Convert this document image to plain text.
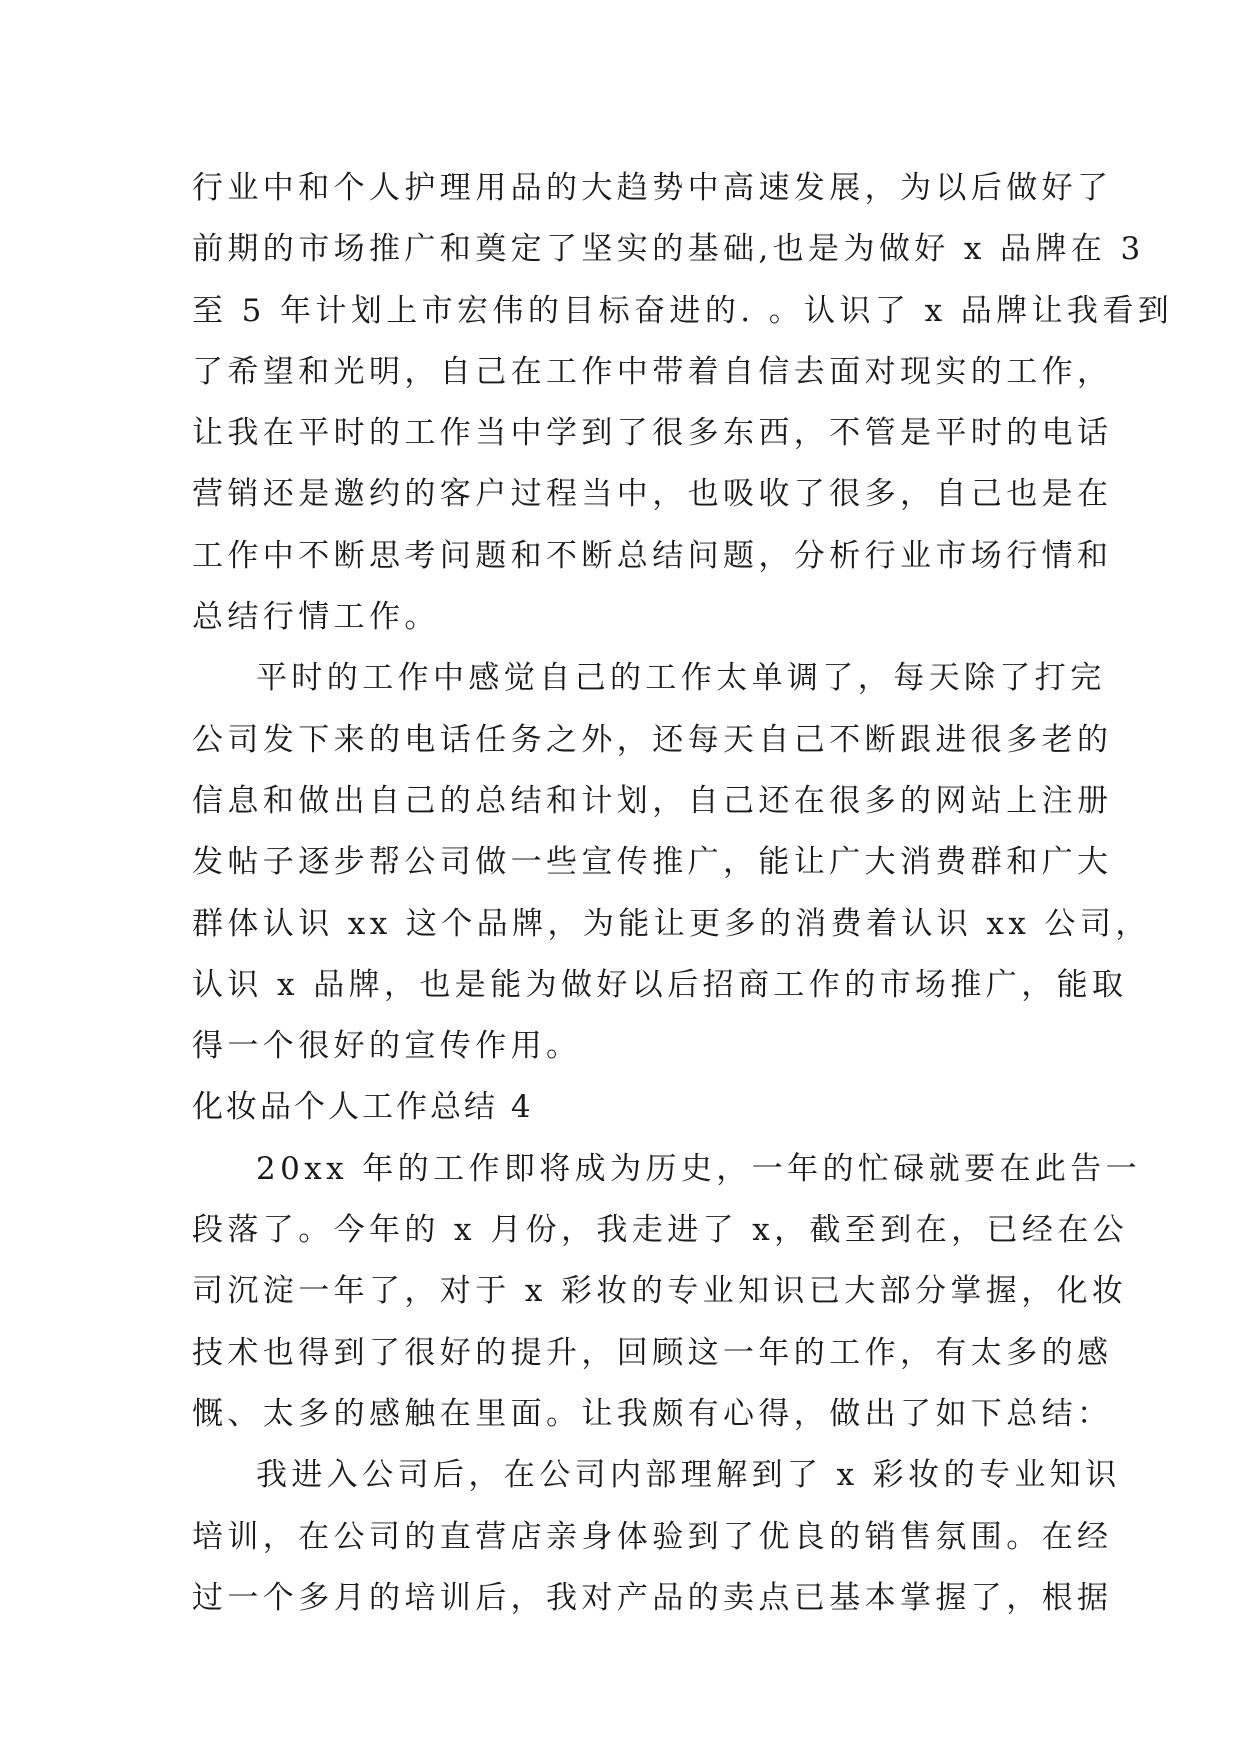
行业中和个人护理用品的大趋势中高速发展，为以后做好了
前期的市场推广和奠定了坚实的基础,也是为做好 x 品牌在 3
至 5 年计划上市宏伟的目标奋进的. 。认识了 x 品牌让我看到
了希望和光明，自己在工作中带着自信去面对现实的工作，
让我在平时的工作当中学到了很多东西，不管是平时的电话
营销还是邀约的客户过程当中，也吸收了很多，自己也是在
工作中不断思考问题和不断总结问题，分析行业市场行情和
总结行情工作。
平时的工作中感觉自己的工作太单调了，每天除了打完
公司发下来的电话任务之外，还每天自己不断跟进很多老的
信息和做出自己的总结和计划，自己还在很多的网站上注册
发帖子逐步帮公司做一些宣传推广，能让广大消费群和广大
群体认识 xx 这个品牌，为能让更多的消费着认识 xx 公司，
认识 x 品牌，也是能为做好以后招商工作的市场推广，能取
得一个很好的宣传作用。
化妆品个人工作总结 4
20xx 年的工作即将成为历史，一年的忙碌就要在此告一
段落了。今年的 x 月份，我走进了 x，截至到在，已经在公
司沉淀一年了，对于 x 彩妆的专业知识已大部分掌握，化妆
技术也得到了很好的提升，回顾这一年的工作，有太多的感
慨、太多的感触在里面。让我颇有心得，做出了如下总结：
我进入公司后，在公司内部理解到了 x 彩妆的专业知识
培训，在公司的直营店亲身体验到了优良的销售氛围。在经
过一个多月的培训后，我对产品的卖点已基本掌握了，根据
